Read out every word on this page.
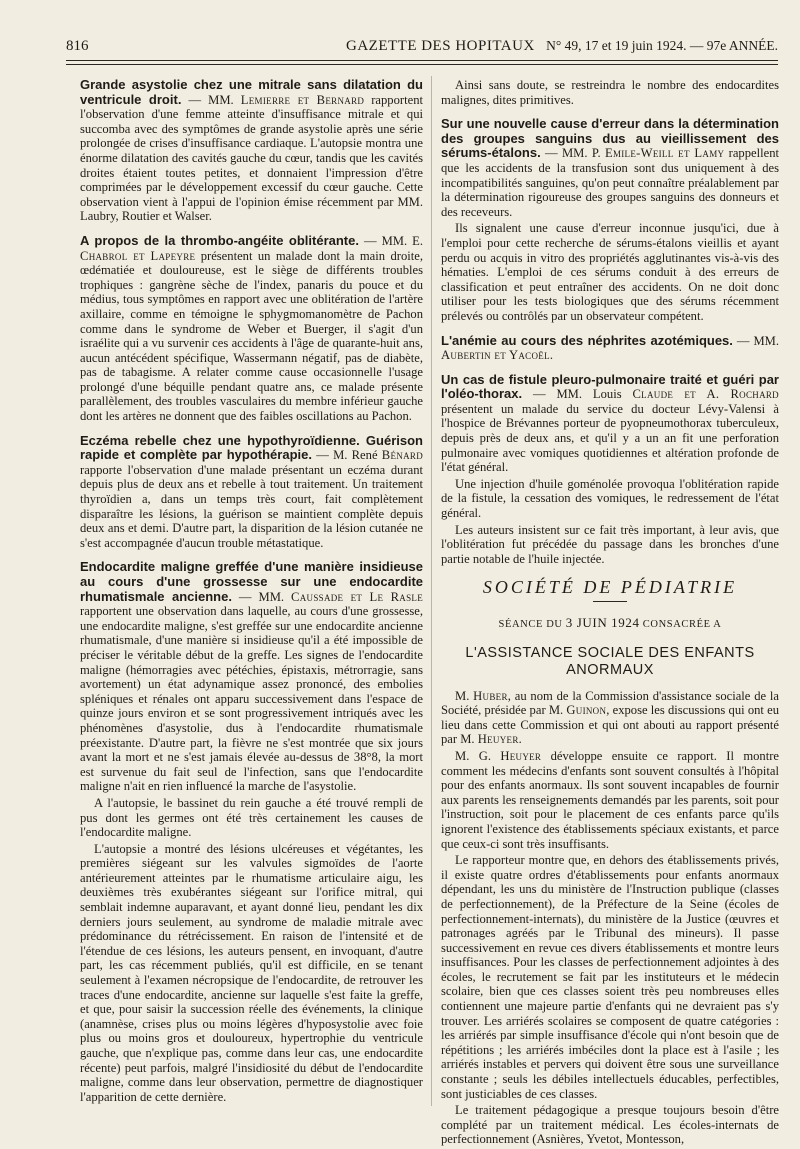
816	GAZETTE DES HOPITAUX N° 49, 17 et 19 juin 1924. — 97e ANNÉE.

Grande asystolie chez une mitrale sans dilatation du ventricule droit. — MM. Lemierre et Bernard rapportent l'observation d'une femme atteinte d'insuffisance mitrale et qui succomba avec des symptômes de grande asystolie après une série prolongée de crises d'insuffisance cardiaque. L'autopsie montra une énorme dilatation des cavités gauche du cœur, tandis que les cavités droites étaient toutes petites, et donnaient l'impression d'être comprimées par le développement excessif du cœur gauche. Cette observation vient à l'appui de l'opinion émise récemment par MM. Laubry, Routier et Walser.

A propos de la thrombo-angéite oblitérante. — MM. E. Chabrol et Lapeyre présentent un malade dont la main droite, œdématiée et douloureuse, est le siège de différents troubles trophiques : gangrène sèche de l'index, panaris du pouce et du médius, tous symptômes en rapport avec une oblitération de l'artère axillaire, comme en témoigne le sphygmomanomètre de Pachon comme dans le syndrome de Weber et Buerger, il s'agit d'un israélite qui a vu survenir ces accidents à l'âge de quarante-huit ans, aucun antécédent spécifique, Wassermann négatif, pas de diabète, pas de tabagisme. A relater comme cause occasionnelle l'usage prolongé d'une béquille pendant quatre ans, ce malade présente parallèlement, des troubles vasculaires du membre inférieur gauche dont les artères ne donnent que des faibles oscillations au Pachon.

Eczéma rebelle chez une hypothyroïdienne. Guérison rapide et complète par hypothérapie. — M. René Bénard rapporte l'observation d'une malade présentant un eczéma durant depuis plus de deux ans et rebelle à tout traitement. Un traitement thyroïdien a, dans un temps très court, fait complètement disparaître les lésions, la guérison se maintient complète depuis deux ans et demi. D'autre part, la disparition de la lésion cutanée ne s'est accompagnée d'aucun trouble métastatique.

Endocardite maligne greffée d'une manière insidieuse au cours d'une grossesse sur une endocardite rhumatismale ancienne. — MM. Caussade et Le Rasle rapportent une observation dans laquelle, au cours d'une grossesse, une endocardite maligne, s'est greffée sur une endocardite ancienne rhumatismale, d'une manière si insidieuse qu'il a été impossible de préciser le véritable début de la greffe. Les signes de l'endocardite maligne (hémorragies avec pétéchies, épistaxis, métrorragie, sans avortement) un état adynamique assez prononcé, des embolies spléniques et rénales ont apparu successivement dans l'espace de quinze jours environ et se sont progressivement intriqués avec les phénomènes d'asystolie, dus à l'endocardite rhumatismale préexistante. D'autre part, la fièvre ne s'est montrée que six jours avant la mort et ne s'est jamais élevée au-dessus de 38°8, la mort est survenue du fait seul de l'infection, sans que l'endocardite maligne n'ait en rien influencé la marche de l'asystolie.

A l'autopsie, le bassinet du rein gauche a été trouvé rempli de pus dont les germes ont été très certainement les causes de l'endocardite maligne.

L'autopsie a montré des lésions ulcéreuses et végétantes, les premières siégeant sur les valvules sigmoïdes de l'aorte antérieurement atteintes par le rhumatisme articulaire aigu, les deuxièmes très exubérantes siégeant sur l'orifice mitral, qui semblait indemne auparavant, et ayant donné lieu, pendant les dix derniers jours seulement, au syndrome de maladie mitrale avec prédominance du rétrécissement. En raison de l'intensité et de l'étendue de ces lésions, les auteurs pensent, en invoquant, d'autre part, les cas récemment publiés, qu'il est difficile, en se tenant seulement à l'examen nécropsique de l'endocardite, de retrouver les traces d'une endocardite, ancienne sur laquelle s'est faite la greffe, et que, pour saisir la succession réelle des événements, la clinique (anamnèse, crises plus ou moins légères d'hyposystolie avec foie plus ou moins gros et douloureux, hypertrophie du ventricule gauche, que n'explique pas, comme dans leur cas, une endocardite récente) peut parfois, malgré l'insidiosité du début de l'endocardite maligne, comme dans leur observation, permettre de diagnostiquer l'apparition de cette dernière.

Ainsi sans doute, se restreindra le nombre des endocardites malignes, dites primitives.

Sur une nouvelle cause d'erreur dans la détermination des groupes sanguins dus au vieillissement des sérums-étalons. — MM. P. Emile-Weill et Lamy rappellent que les accidents de la transfusion sont dus uniquement à des incompatibilités sanguines, qu'on peut connaître préalablement par la détermination rigoureuse des groupes sanguins des donneurs et des receveurs.

Ils signalent une cause d'erreur inconnue jusqu'ici, due à l'emploi pour cette recherche de sérums-étalons vieillis et ayant perdu ou acquis in vitro des propriétés agglutinantes vis-à-vis des hématies. L'emploi de ces sérums conduit à des erreurs de classification et peut entraîner des accidents. On ne doit donc utiliser pour les tests biologiques que des sérums récemment prélevés ou contrôlés par un observateur compétent.

L'anémie au cours des néphrites azotémiques. — MM. Aubertin et Yacoël.

Un cas de fistule pleuro-pulmonaire traité et guéri par l'oléo-thorax. — MM. Louis Claude et A. Rochard présentent un malade du service du docteur Lévy-Valensi à l'hospice de Brévannes porteur de pyopneumothorax tuberculeux, depuis près de deux ans, et qu'il y a un an fit une perforation pulmonaire avec vomiques quotidiennes et altération profonde de l'état général.

Une injection d'huile goménolée provoqua l'oblitération rapide de la fistule, la cessation des vomiques, le redressement de l'état général.

Les auteurs insistent sur ce fait très important, à leur avis, que l'oblitération fut précédée du passage dans les bronches d'une partie notable de l'huile injectée.

SOCIÉTÉ DE PÉDIATRIE
SÉANCE DU 3 JUIN 1924 CONSACRÉE A
L'ASSISTANCE SOCIALE DES ENFANTS ANORMAUX

M. Huber, au nom de la Commission d'assistance sociale de la Société, présidée par M. Guinon, expose les discussions qui ont eu lieu dans cette Commission et qui ont abouti au rapport présenté par M. Heuyer.

M. G. Heuyer développe ensuite ce rapport. Il montre comment les médecins d'enfants sont souvent consultés à l'hôpital pour des enfants anormaux. Ils sont souvent incapables de fournir aux parents les renseignements demandés par les parents, soit pour l'instruction, soit pour le placement de ces enfants parce qu'ils ignorent l'existence des établissements spéciaux existants, et parce que ceux-ci sont très insuffisants.

Le rapporteur montre que, en dehors des établissements privés, il existe quatre ordres d'établissements pour enfants anormaux dépendant, les uns du ministère de l'Instruction publique (classes de perfectionnement), de la Préfecture de la Seine (écoles de perfectionnement-internats), du ministère de la Justice (œuvres et patronages agréés par le Tribunal des mineurs). Il passe successivement en revue ces divers établissements et montre leurs insuffisances. Pour les classes de perfectionnement adjointes à des écoles, le recrutement se fait par les instituteurs et le médecin scolaire, bien que ces classes soient très peu nombreuses elles contiennent une majeure partie d'enfants qui ne devraient pas s'y trouver. Les arriérés scolaires se composent de quatre catégories : les arriérés par simple insuffisance d'école qui n'ont besoin que de répétitions ; les arriérés imbéciles dont la place est à l'asile ; les arriérés instables et pervers qui doivent être sous une surveillance constante ; seuls les débiles intellectuels éducables, perfectibles, sont justiciables de ces classes.

Le traitement pédagogique a presque toujours besoin d'être complété par un traitement médical. Les écoles-internats de perfectionnement (Asnières, Yvetot, Montesson,
